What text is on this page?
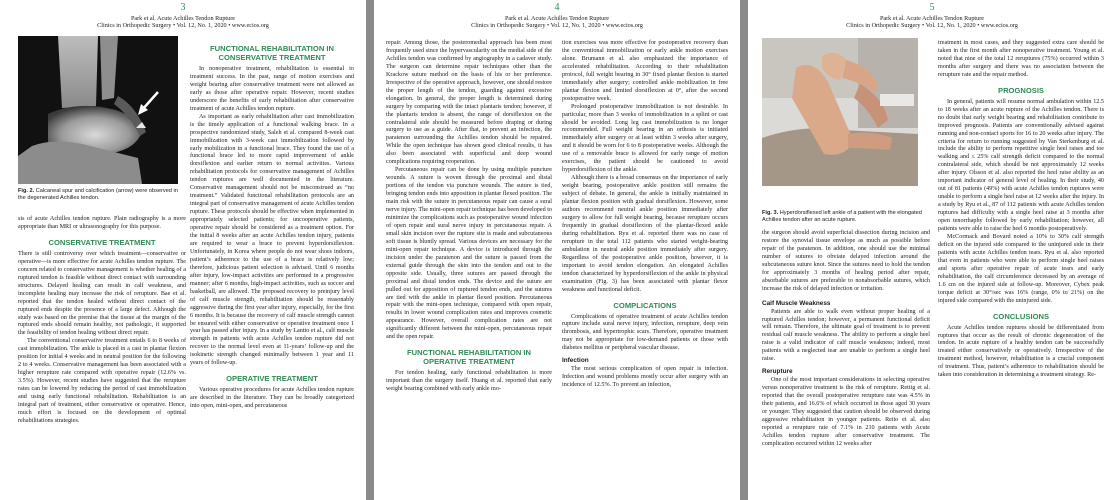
3
Park et al. Acute Achilles Tendon Rupture
Clinics in Orthopedic Surgery • Vol. 12, No. 1, 2020 • www.ecios.org
Fig. 2. Calcaneal spur and calcification (arrow) were observed in the degenerated Achilles tendon.

sis of acute Achilles tendon rupture. Plain radiography is a more appropriate than MRI or ultrasonography for this purpose.

CONSERVATIVE TREATMENT

There is still controversy over which treatment—conservative or operative—is more effective for acute Achilles tendon rupture. The concern related to conservative management is whether healing of a ruptured tendon is feasible without direct contact with surrounding structures. Delayed healing can result in calf weakness, and incomplete healing may increase the risk of rerupture. Bae et al. reported that the tendon healed without direct contact of the ruptured ends despite the presence of a large defect. Although the study was based on the premise that the tissue at the margin of the ruptured ends should remain healthy, not pathologic, it supported the feasibility of tendon healing without direct repair.

The conventional conservative treatment entails 6 to 8 weeks of cast immobilization. The ankle is placed in a cast in plantar flexion position for initial 4 weeks and in neutral position for the following 2 to 4 weeks. Conservative management has been associated with a higher rerupture rate compared with operative repair (12.6% vs. 3.5%). However, recent studies have suggested that the rerupture rates can be lowered by reducing the period of cast immobilization and using early functional rehabilitation. Rehabilitation is an integral part of treatment, either conservative or operative. Hence, much effort is focused on the development of optimal rehabilitations strategies.

FUNCTIONAL REHABILITATION IN CONSERVATIVE TREATMENT

In nonoperative treatment, rehabilitation is essential to treatment success. In the past, range of motion exercises and weight bearing after conservative treatment were not allowed as early as those after operative repair. However, recent studies underscore the benefits of early rehabilitation after conservative treatment of acute Achilles tendon rupture.

As important as early rehabilitation after cast immobilization is the timely application of a functional walking brace. In a prospective randomized study, Saleh et al. compared 8-week cast immobilization with 3-week cast immobilization followed by early mobilization in a functional brace. They found the use of a functional brace led to more rapid improvement of ankle dorsiflexion and earlier return to normal activities. Various rehabilitation protocols for conservative management of Achilles tendon ruptures are well documented in the literature. Conservative management should not be misconstrued as “no treatment.” Validated functional rehabilitation protocols are an integral part of conservative management of acute Achilles tendon rupture. These protocols should be effective when implemented in appropriately selected patients; for uncooperative patients, operative repair should be considered as a treatment option. For the initial 8 weeks after an acute Achilles tendon injury, patients are required to wear a brace to prevent hyperdorsiflexion. Unfortunately, in Korea where people do not wear shoes indoors, patient’s adherence to the use of a brace is relatively low; therefore, judicious patient selection is advised. Until 6 months after injury, low-impact activities are performed in a progressive manner; after 6 months, high-impact activities, such as soccer and basketball, are allowed. The proposed recovery to preinjury level of calf muscle strength, rehabilitation should be reasonably aggressive during the first year after injury, especially, for the first 6 months. It is because the recovery of calf muscle strength cannot be ensured with either conservative or operative treatment once 1 year has passed after injury. In a study by Lantto et al., calf muscle strength in patients with acute Achilles tendon rupture did not recover to the normal level even at 11-years’ follow-up and the isokinetic strength changed minimally between 1 year and 11 years of follow-up.

OPERATIVE TREATMENT

Various operative procedures for acute Achilles tendon rupture are described in the literature. They can be broadly categorized into open, mini-open, and percutaneous

4
Park et al. Acute Achilles Tendon Rupture
Clinics in Orthopedic Surgery • Vol. 12, No. 1, 2020 • www.ecios.org

repair. Among those, the posteromedial approach has been most frequently used since the hypervascularity on the medial side of the Achilles tendon was confirmed by angiography in a cadaver study. The surgeon can determine repair techniques other than the Krackow suture method on the basis of his or her preference. Irrespective of the operative approach, however, one should restore the proper length of the tendon, guarding against excessive elongation. In general, the proper length is determined during surgery by comparing with the intact plantaris tendon; however, if the plantaris tendon is absent, the range of dorsiflexion on the contralateral side should be measured before draping or during surgery to use as a guide. After that, to prevent an infection, the paratenon surrounding the Achilles tendon should be repaired. While the open technique has shown good clinical results, it has also been associated with superficial and deep wound complications requiring reoperation.

Percutaneous repair can be done by using multiple puncture wounds. A suture is woven through the proximal and distal portions of the tendon via puncture wounds. The suture is tied, bringing tendon ends into apposition in plantar flexed position. The main risk with the suture in percutaneous repair can cause a sural nerve injury. The mini-open repair technique has been developed to minimize the complications such as postoperative wound infection of open repair and sural nerve injury in percutaneous repair. A small skin incision over the rupture site is made and subcutaneous soft tissue is bluntly spread. Various devices are necessary for the mini-open repair technique. A device is introduced through the incision under the paratenon and the suture is passed from the external guide through the skin into the tendon and out to the opposite side. Usually, three sutures are passed through the proximal and distal tendon ends. The device and the suture are pulled out for apposition of ruptured tendon ends, and the sutures are tied with the ankle in plantar flexed position. Percutaneous repair with the mini-open technique, compared with open repair, results in lower wound complication rates and improves cosmetic appearance. However, overall complication rates are not significantly different between the mini-open, percutaneous repair and the open repair.

FUNCTIONAL REHABILITATION IN OPERATIVE TREATMENT

For tendon healing, early functional rehabilitation is more important than the surgery itself. Huang et al. reported that early weight bearing combined with early ankle mo-

tion exercises was more effective for postoperative recovery than the conventional immobilization or early ankle motion exercises alone. Brumann et al. also emphasized the importance of accelerated rehabilitation. According to their rehabilitation protocol, full weight bearing in 30° fixed plantar flexion is started immediately after surgery; controlled ankle mobilization in free plantar flexion and limited dorsiflexion at 0°, after the second postoperative week.

Prolonged postoperative immobilization is not desirable. In particular, more than 3 weeks of immobilization in a splint or cast should be avoided. Long leg cast immobilization is no longer recommended. Full weight bearing in an orthosis is initiated immediately after surgery or at least within 3 weeks after surgery, and it should be worn for 6 to 8 postoperative weeks. Although the use of a removable brace is allowed for early range of motion exercises, the patient should be cautioned to avoid hyperdorsiflexion of the ankle.

Although there is a broad consensus on the importance of early weight bearing, postoperative ankle position still remains the subject of debate. In general, the ankle is initially maintained in plantar flexion position with gradual dorsiflexion. However, some authors recommend neutral ankle position immediately after surgery to allow for full weight bearing, because rerupture occurs frequently in gradual dorsiflexion of the plantar-flexed ankle during rehabilitation. Ryu et al. reported there was no case of rerupture in the total 112 patients who started weight-bearing ambulation in neutral ankle position immediately after surgery. Regardless of the postoperative ankle position, however, it is important to avoid tendon elongation. An elongated Achilles tendon characterized by hyperdorsiflexion of the ankle in physical examination (Fig. 3) has been associated with plantar flexor weakness and functional deficit.

COMPLICATIONS

Complications of operative treatment of acute Achilles tendon rupture include sural nerve injury, infection, rerupture, deep vein thrombosis, and hypertrophic scars. Therefore, operative treatment may not be appropriate for low-demand patients or those with diabetes mellitus or peripheral vascular disease.

Infection

The most serious complication of open repair is infection. Infection and wound problems mostly occur after surgery with an incidence of 12.5%. To prevent an infection,

5
Park et al. Acute Achilles Tendon Rupture
Clinics in Orthopedic Surgery • Vol. 12, No. 1, 2020 • www.ecios.org
Fig. 3. Hyperdorsiflexed left ankle of a patient with the elongated Achilles tendon after an acute rupture.

the surgeon should avoid superficial dissection during incision and restore the synovial tissue envelope as much as possible before repair of the paratenon. In addition, one should use the minimal number of sutures to obviate delayed infection around the subcutaneous suture knot. Since the sutures need to hold the tendon for approximately 3 months of healing period after repair, absorbable sutures are preferable to nonabsorbable sutures, which increase the risk of delayed infection or irritation.

Calf Muscle Weakness

Patients are able to walk even without proper healing of a ruptured Achilles tendon; however, a permanent functional deficit will remain. Therefore, the ultimate goal of treatment is to prevent residual calf muscle weakness. The ability to perform a single heel raise is a valid indicator of calf muscle weakness; indeed, most patients with a neglected tear are unable to perform a single heel raise.

Rerupture

One of the most important considerations in selecting operative versus nonoperative treatment is the risk of rerupture. Rettig et al. reported that the overall postoperative rerupture rate was 4.5% in their patients, and 16.6% of which occurred in those aged 30 years or younger. They suggested that caution should be observed during aggressive rehabilitation in younger patients. Reito et al. also reported a rerupture rate of 7.1% in 210 patients with Acute Achilles tendon rupture after conservative treatment. The complication occurred within 12 weeks after

treatment in most cases, and they suggested extra care should be taken in the first month after nonoperative treatment. Young et al. noted that nine of the total 12 reruptures (75%) occurred within 3 months after surgery and there was no association between the rerupture rate and the repair method.

PROGNOSIS

In general, patients will resume normal ambulation within 12.5 to 18 weeks after an acute rupture of the Achilles tendon. There is no doubt that early weight bearing and rehabilitation contribute to improved prognosis. Patients are conventionally advised against running and non-contact sports for 16 to 20 weeks after injury. The criteria for return to running suggested by Van Sterkenburg et al. include the ability to perform repetitive single heel raises and toe walking and ≤ 25% calf strength deficit compared to the normal contralateral side, which should be not approximately 12 weeks after injury. Olsson et al. also reported the heel raise ability as an important indicator of general level of healing. In their study, 40 out of 81 patients (49%) with acute Achilles tendon ruptures were unable to perform a single heel raise at 12 weeks after the injury. In a study by Ryu et al., 87 of 112 patients with acute Achilles tendon ruptures had difficulty with a single heel raise at 3 months after open tenorrhaphy followed by early rehabilitation; however, all patients were able to raise the heel 6 months postoperatively.

McCormack and Bovard noted a 10% to 30% calf strength deficit on the injured side compared to the uninjured side in their patients with acute Achilles tendon tears. Ryu et al. also reported that even in patients who were able to perform single heel raises and sports after operative repair of acute tears and early rehabilitation, the calf circumference decreased by an average of 1.6 cm on the injured side at follow-up. Moreover, Cybex peak torque deficit at 30°/sec was 16% (range, 0% to 21%) on the injured side compared with the uninjured side.

CONCLUSIONS

Acute Achilles tendon ruptures should be differentiated from ruptures that occur as the result of chronic degeneration of the tendon. In acute rupture of a healthy tendon can be successfully treated either conservatively or operatively. Irrespective of the treatment method, however, rehabilitation is a crucial component of treatment. Thus, patient’s adherence to rehabilitation should be taken into consideration in determining a treatment strategy. Re-
